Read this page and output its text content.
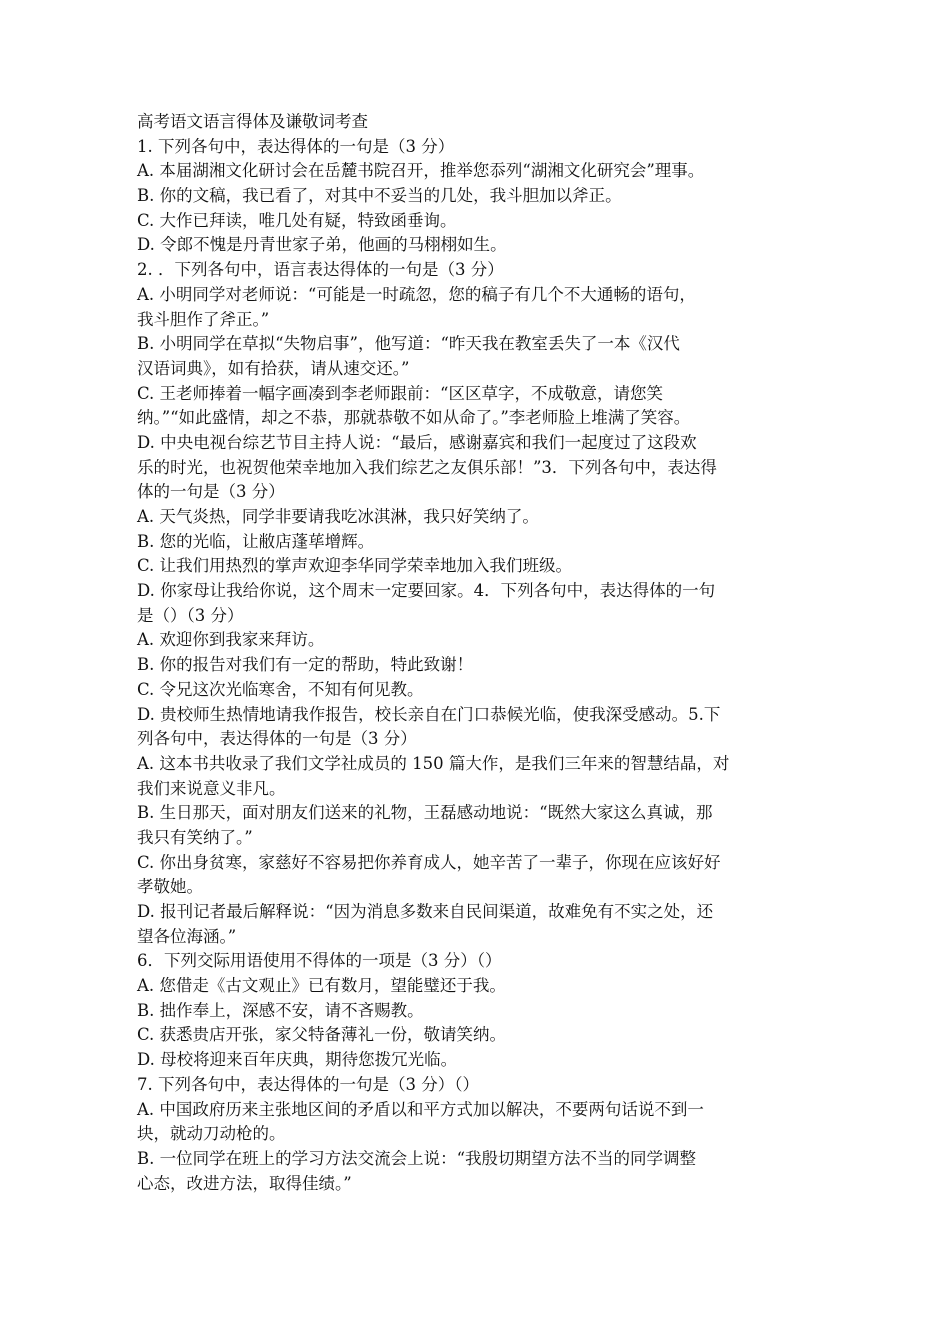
高考语文语言得体及谦敬词考查
1. 下列各句中，表达得体的一句是（3 分）
A. 本届湖湘文化研讨会在岳麓书院召开，推举您忝列“湖湘文化研究会”理事。
B. 你的文稿，我已看了，对其中不妥当的几处，我斗胆加以斧正。
C. 大作已拜读，唯几处有疑，特致函垂询。
D. 令郎不愧是丹青世家子弟，他画的马栩栩如生。
2. ．下列各句中，语言表达得体的一句是（3 分）
A. 小明同学对老师说：“可能是一时疏忽，您的稿子有几个不大通畅的语句，
我斗胆作了斧正。”
B. 小明同学在草拟“失物启事”，他写道：“昨天我在教室丢失了一本《汉代
汉语词典》，如有拾获，请从速交还。”
C. 王老师捧着一幅字画凑到李老师跟前：“区区草字，不成敬意，请您笑
纳。”“如此盛情，却之不恭，那就恭敬不如从命了。”李老师脸上堆满了笑容。
D. 中央电视台综艺节目主持人说：“最后，感谢嘉宾和我们一起度过了这段欢
乐的时光，也祝贺他荣幸地加入我们综艺之友俱乐部！”3．下列各句中，表达得
体的一句是（3 分）
A. 天气炎热，同学非要请我吃冰淇淋，我只好笑纳了。
B. 您的光临，让敝店蓬荜增辉。
C. 让我们用热烈的掌声欢迎李华同学荣幸地加入我们班级。
D. 你家母让我给你说，这个周末一定要回家。4．下列各句中，表达得体的一句
是（）（3 分）
A. 欢迎你到我家来拜访。
B. 你的报告对我们有一定的帮助，特此致谢！
C. 令兄这次光临寒舍，不知有何见教。
D. 贵校师生热情地请我作报告，校长亲自在门口恭候光临，使我深受感动。5.下
列各句中，表达得体的一句是（3 分）
A. 这本书共收录了我们文学社成员的 150 篇大作，是我们三年来的智慧结晶，对
我们来说意义非凡。
B. 生日那天，面对朋友们送来的礼物，王磊感动地说：“既然大家这么真诚，那
我只有笑纳了。”
C. 你出身贫寒，家慈好不容易把你养育成人，她辛苦了一辈子，你现在应该好好
孝敬她。
D. 报刊记者最后解释说：“因为消息多数来自民间渠道，故难免有不实之处，还
望各位海涵。”
6．下列交际用语使用不得体的一项是（3 分）（）
A. 您借走《古文观止》已有数月，望能璧还于我。
B. 拙作奉上，深感不安，请不吝赐教。
C. 获悉贵店开张，家父特备薄礼一份，敬请笑纳。
D. 母校将迎来百年庆典，期待您拨冗光临。
7. 下列各句中，表达得体的一句是（3 分）（）
A. 中国政府历来主张地区间的矛盾以和平方式加以解决，不要两句话说不到一
块，就动刀动枪的。
B. 一位同学在班上的学习方法交流会上说：“我殷切期望方法不当的同学调整
心态，改进方法，取得佳绩。”
